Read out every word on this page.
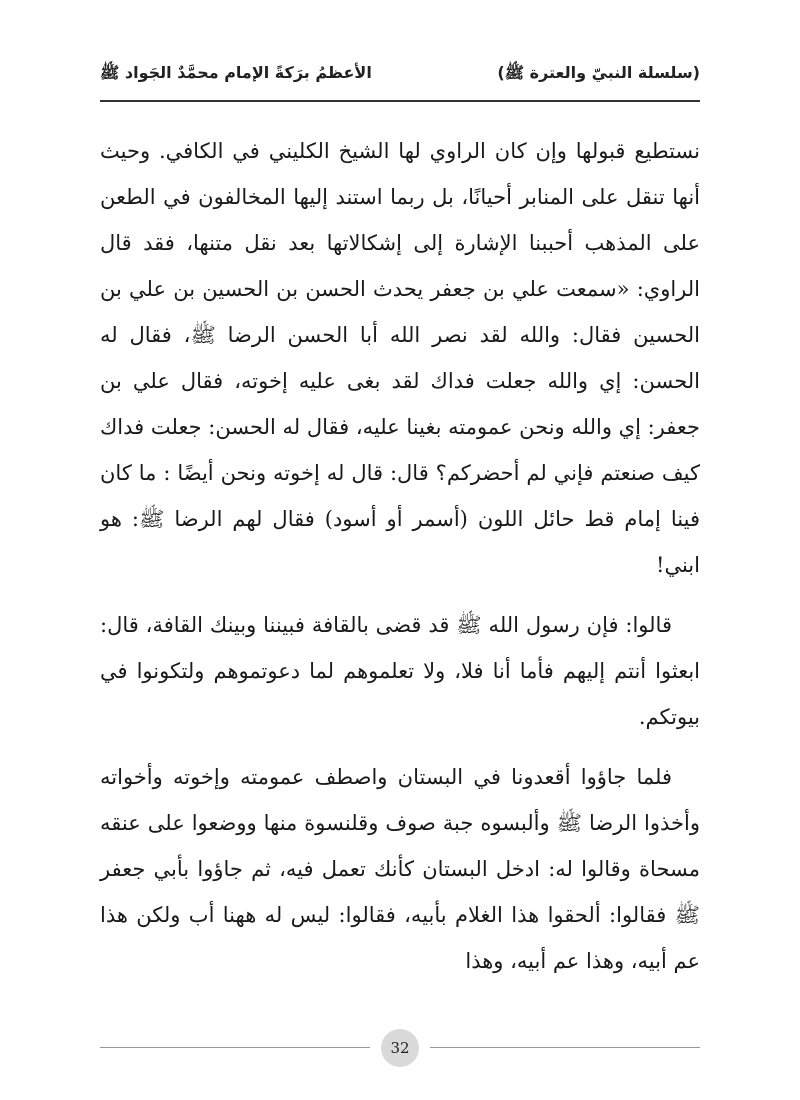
(سلسلة النبيّ والعترة ﷺ)
الأعظمُ برَكةً الإمام محمَّدٌ الجَواد ﷺ

نستطيع قبولها وإن كان الراوي لها الشيخ الكليني في الكافي. وحيث أنها تنقل على المنابر أحيانًا، بل ربما استند إليها المخالفون في الطعن على المذهب أحببنا الإشارة إلى إشكالاتها بعد نقل متنها، فقد قال الراوي: «سمعت علي بن جعفر يحدث الحسن بن الحسين بن علي بن الحسين فقال: والله لقد نصر الله أبا الحسن الرضا ﷺ، فقال له الحسن: إي والله جعلت فداك لقد بغى عليه إخوته، فقال علي بن جعفر: إي والله ونحن عمومته بغينا عليه، فقال له الحسن: جعلت فداك كيف صنعتم فإني لم أحضركم؟ قال: قال له إخوته ونحن أيضًا : ما كان فينا إمام قط حائل اللون (أسمر أو أسود) فقال لهم الرضا ﷺ: هو ابني!

قالوا: فإن رسول الله ﷺ قد قضى بالقافة فبيننا وبينك القافة، قال: ابعثوا أنتم إليهم فأما أنا فلا، ولا تعلموهم لما دعوتموهم ولتكونوا في بيوتكم.

فلما جاؤوا أقعدونا في البستان واصطف عمومته وإخوته وأخواته وأخذوا الرضا ﷺ وألبسوه جبة صوف وقلنسوة منها ووضعوا على عنقه مسحاة وقالوا له: ادخل البستان كأنك تعمل فيه، ثم جاؤوا بأبي جعفر ﷺ فقالوا: ألحقوا هذا الغلام بأبيه، فقالوا: ليس له ههنا أب ولكن هذا عم أبيه، وهذا عم أبيه، وهذا

32
